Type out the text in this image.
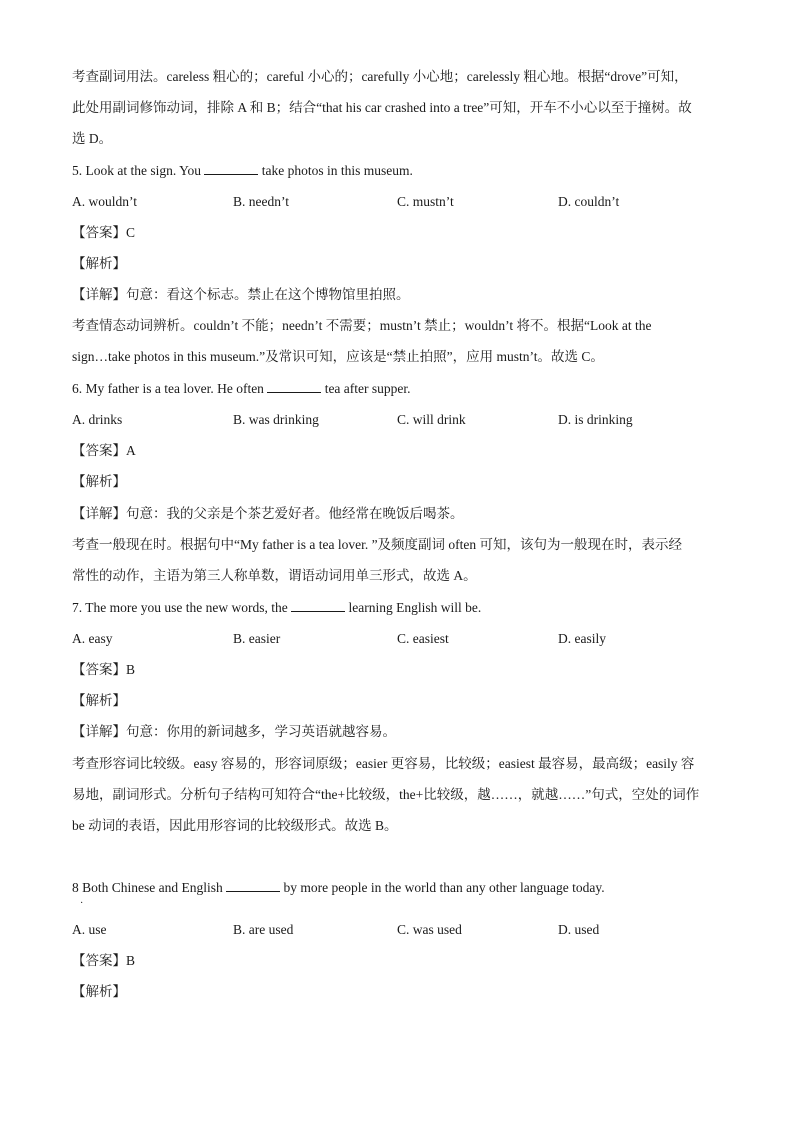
考查副词用法。careless 粗心的；careful 小心的；carefully 小心地；carelessly 粗心地。根据“drove”可知，
此处用副词修饰动词，排除 A 和 B；结合“that his car crashed into a tree”可知，开车不小心以至于撞树。故
选 D。
5. Look at the sign. You	take photos in this museum.
A. wouldn’t	B. needn’t	C. mustn’t	D. couldn’t
【答案】C
【解析】
【详解】句意：看这个标志。禁止在这个博物馆里拍照。
考查情态动词辨析。couldn’t 不能；needn’t 不需要；mustn’t 禁止；wouldn’t 将不。根据“Look at the
sign…take photos in this museum.”及常识可知，应该是“禁止拍照”，应用 mustn’t。故选 C。
6. My father is a tea lover. He often	tea after supper.
A. drinks	B. was drinking	C. will drink	D. is drinking
【答案】A
【解析】
【详解】句意：我的父亲是个茶艺爱好者。他经常在晚饭后喝茶。
考查一般现在时。根据句中“My father is a tea lover. ”及频度副词 often 可知，该句为一般现在时，表示经
常性的动作，主语为第三人称单数，谓语动词用单三形式，故选 A。
7. The more you use the new words, the	learning English will be.
A. easy	B. easier	C. easiest	D. easily
【答案】B
【解析】
【详解】句意：你用的新词越多，学习英语就越容易。
考查形容词比较级。easy 容易的，形容词原级；easier 更容易，比较级；easiest 最容易，最高级；easily 容
易地，副词形式。分析句子结构可知符合“the+比较级，the+比较级，越……，就越……”句式，空处的词作
be 动词的表语，因此用形容词的比较级形式。故选 B。
8 Both Chinese and English	by more people in the world than any other language today.
·
A. use	B. are used	C. was used	D. used
【答案】B
【解析】
